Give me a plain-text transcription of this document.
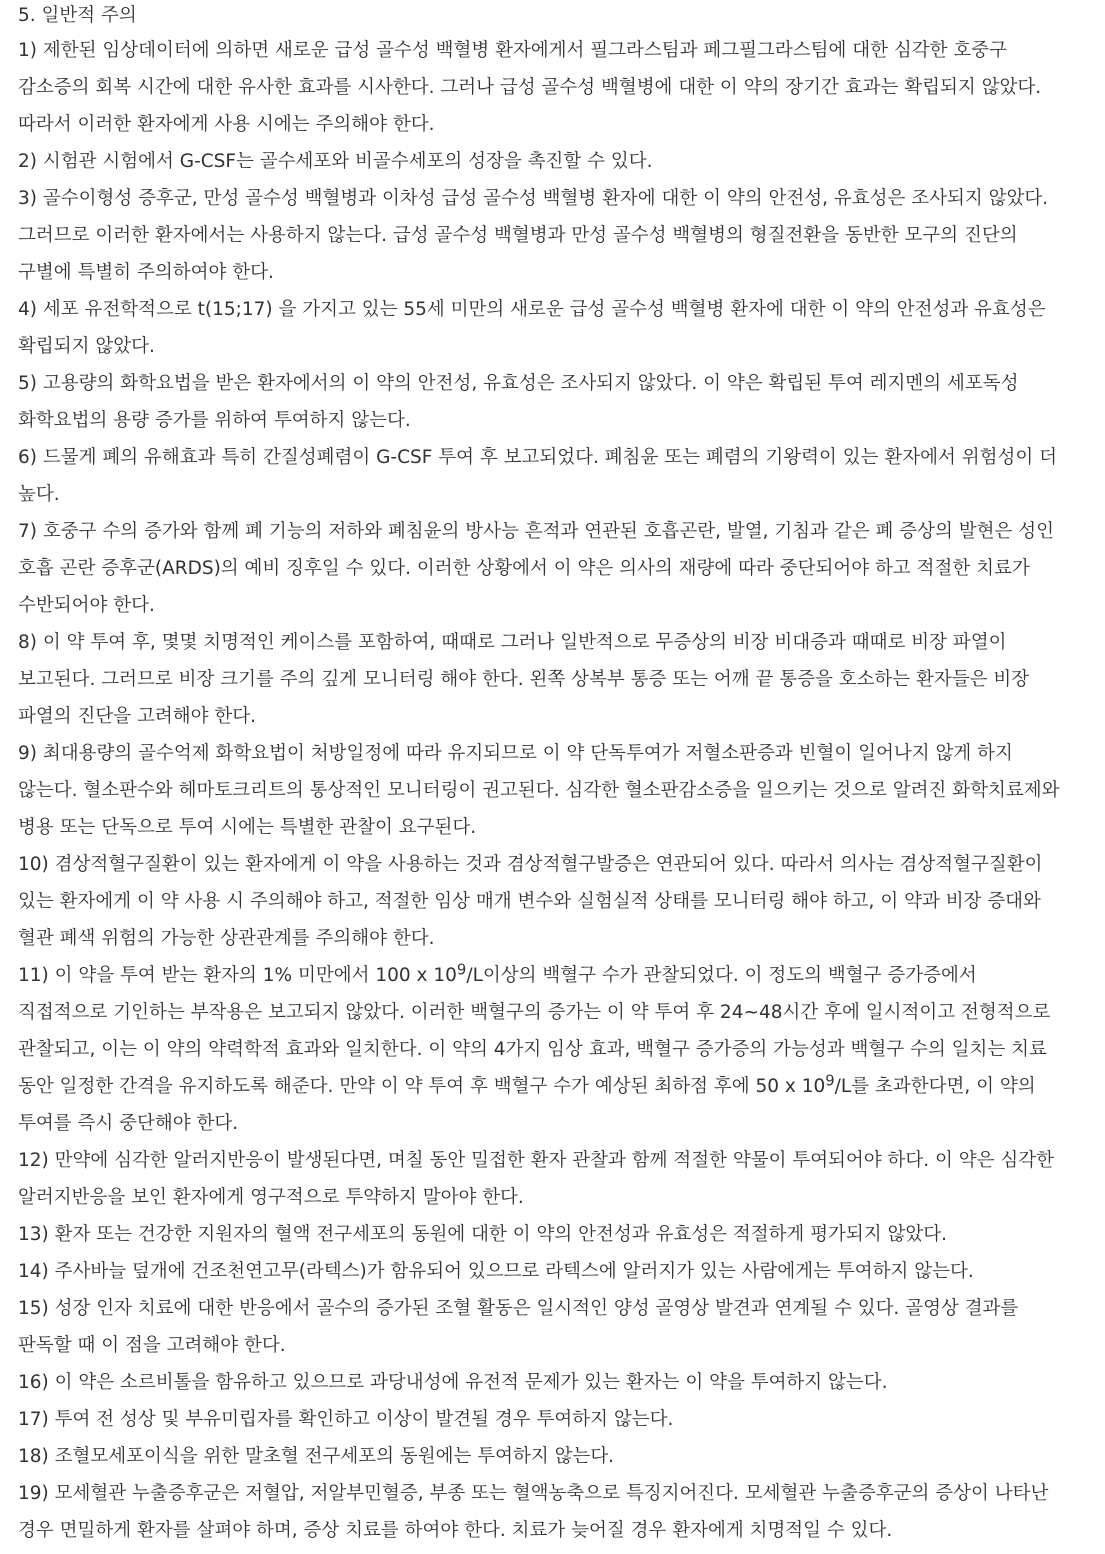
5. 일반적 주의

1) 제한된 임상데이터에 의하면 새로운 급성 골수성 백혈병 환자에게서 필그라스팀과 페그필그라스팀에 대한 심각한 호중구 감소증의 회복 시간에 대한 유사한 효과를 시사한다. 그러나 급성 골수성 백혈병에 대한 이 약의 장기간 효과는 확립되지 않았다. 따라서 이러한 환자에게 사용 시에는 주의해야 한다.

2) 시험관 시험에서 G-CSF는 골수세포와 비골수세포의 성장을 촉진할 수 있다.

3) 골수이형성 증후군, 만성 골수성 백혈병과 이차성 급성 골수성 백혈병 환자에 대한 이 약의 안전성, 유효성은 조사되지 않았다. 그러므로 이러한 환자에서는 사용하지 않는다. 급성 골수성 백혈병과 만성 골수성 백혈병의 형질전환을 동반한 모구의 진단의 구별에 특별히 주의하여야 한다.

4) 세포 유전학적으로 t(15;17) 을 가지고 있는 55세 미만의 새로운 급성 골수성 백혈병 환자에 대한 이 약의 안전성과 유효성은 확립되지 않았다.

5) 고용량의 화학요법을 받은 환자에서의 이 약의 안전성, 유효성은 조사되지 않았다. 이 약은 확립된 투여 레지멘의 세포독성 화학요법의 용량 증가를 위하여 투여하지 않는다.

6) 드물게 폐의 유해효과 특히 간질성폐렴이 G-CSF 투여 후 보고되었다. 폐침윤 또는 폐렴의 기왕력이 있는 환자에서 위험성이 더 높다.

7) 호중구 수의 증가와 함께 폐 기능의 저하와 폐침윤의 방사능 흔적과 연관된 호흡곤란, 발열, 기침과 같은 폐 증상의 발현은 성인 호흡 곤란 증후군(ARDS)의 예비 징후일 수 있다. 이러한 상황에서 이 약은 의사의 재량에 따라 중단되어야 하고 적절한 치료가 수반되어야 한다.

8) 이 약 투여 후, 몇몇 치명적인 케이스를 포함하여, 때때로 그러나 일반적으로 무증상의 비장 비대증과 때때로 비장 파열이 보고된다. 그러므로 비장 크기를 주의 깊게 모니터링 해야 한다. 왼쪽 상복부 통증 또는 어깨 끝 통증을 호소하는 환자들은 비장 파열의 진단을 고려해야 한다.

9) 최대용량의 골수억제 화학요법이 처방일정에 따라 유지되므로 이 약 단독투여가 저혈소판증과 빈혈이 일어나지 않게 하지 않는다. 혈소판수와 헤마토크리트의 통상적인 모니터링이 권고된다. 심각한 혈소판감소증을 일으키는 것으로 알려진 화학치료제와 병용 또는 단독으로 투여 시에는 특별한 관찰이 요구된다.

10) 겸상적혈구질환이 있는 환자에게 이 약을 사용하는 것과 겸상적혈구발증은 연관되어 있다. 따라서 의사는 겸상적혈구질환이 있는 환자에게 이 약 사용 시 주의해야 하고, 적절한 임상 매개 변수와 실험실적 상태를 모니터링 해야 하고, 이 약과 비장 증대와 혈관 폐색 위험의 가능한 상관관계를 주의해야 한다.

11) 이 약을 투여 받는 환자의 1% 미만에서 100 x $10^9/L$이상의 백혈구 수가 관찰되었다. 이 정도의 백혈구 증가증에서 직접적으로 기인하는 부작용은 보고되지 않았다. 이러한 백혈구의 증가는 이 약 투여 후 24~48시간 후에 일시적이고 전형적으로 관찰되고, 이는 이 약의 약력학적 효과와 일치한다. 이 약의 4가지 임상 효과, 백혈구 증가증의 가능성과 백혈구 수의 일치는 치료 동안 일정한 간격을 유지하도록 해준다. 만약 이 약 투여 후 백혈구 수가 예상된 최하점 후에 50 x $10^9/L$를 초과한다면, 이 약의 투여를 즉시 중단해야 한다.

12) 만약에 심각한 알러지반응이 발생된다면, 며칠 동안 밀접한 환자 관찰과 함께 적절한 약물이 투여되어야 하다. 이 약은 심각한 알러지반응을 보인 환자에게 영구적으로 투약하지 말아야 한다.

13) 환자 또는 건강한 지원자의 혈액 전구세포의 동원에 대한 이 약의 안전성과 유효성은 적절하게 평가되지 않았다.

14) 주사바늘 덮개에 건조천연고무(라텍스)가 함유되어 있으므로 라텍스에 알러지가 있는 사람에게는 투여하지 않는다.

15) 성장 인자 치료에 대한 반응에서 골수의 증가된 조혈 활동은 일시적인 양성 골영상 발견과 연계될 수 있다. 골영상 결과를 판독할 때 이 점을 고려해야 한다.

16) 이 약은 소르비톨을 함유하고 있으므로 과당내성에 유전적 문제가 있는 환자는 이 약을 투여하지 않는다.

17) 투여 전 성상 및 부유미립자를 확인하고 이상이 발견될 경우 투여하지 않는다.

18) 조혈모세포이식을 위한 말초혈 전구세포의 동원에는 투여하지 않는다.

19) 모세혈관 누출증후군은 저혈압, 저알부민혈증, 부종 또는 혈액농축으로 특징지어진다. 모세혈관 누출증후군의 증상이 나타난 경우 면밀하게 환자를 살펴야 하며, 증상 치료를 하여야 한다. 치료가 늦어질 경우 환자에게 치명적일 수 있다.
